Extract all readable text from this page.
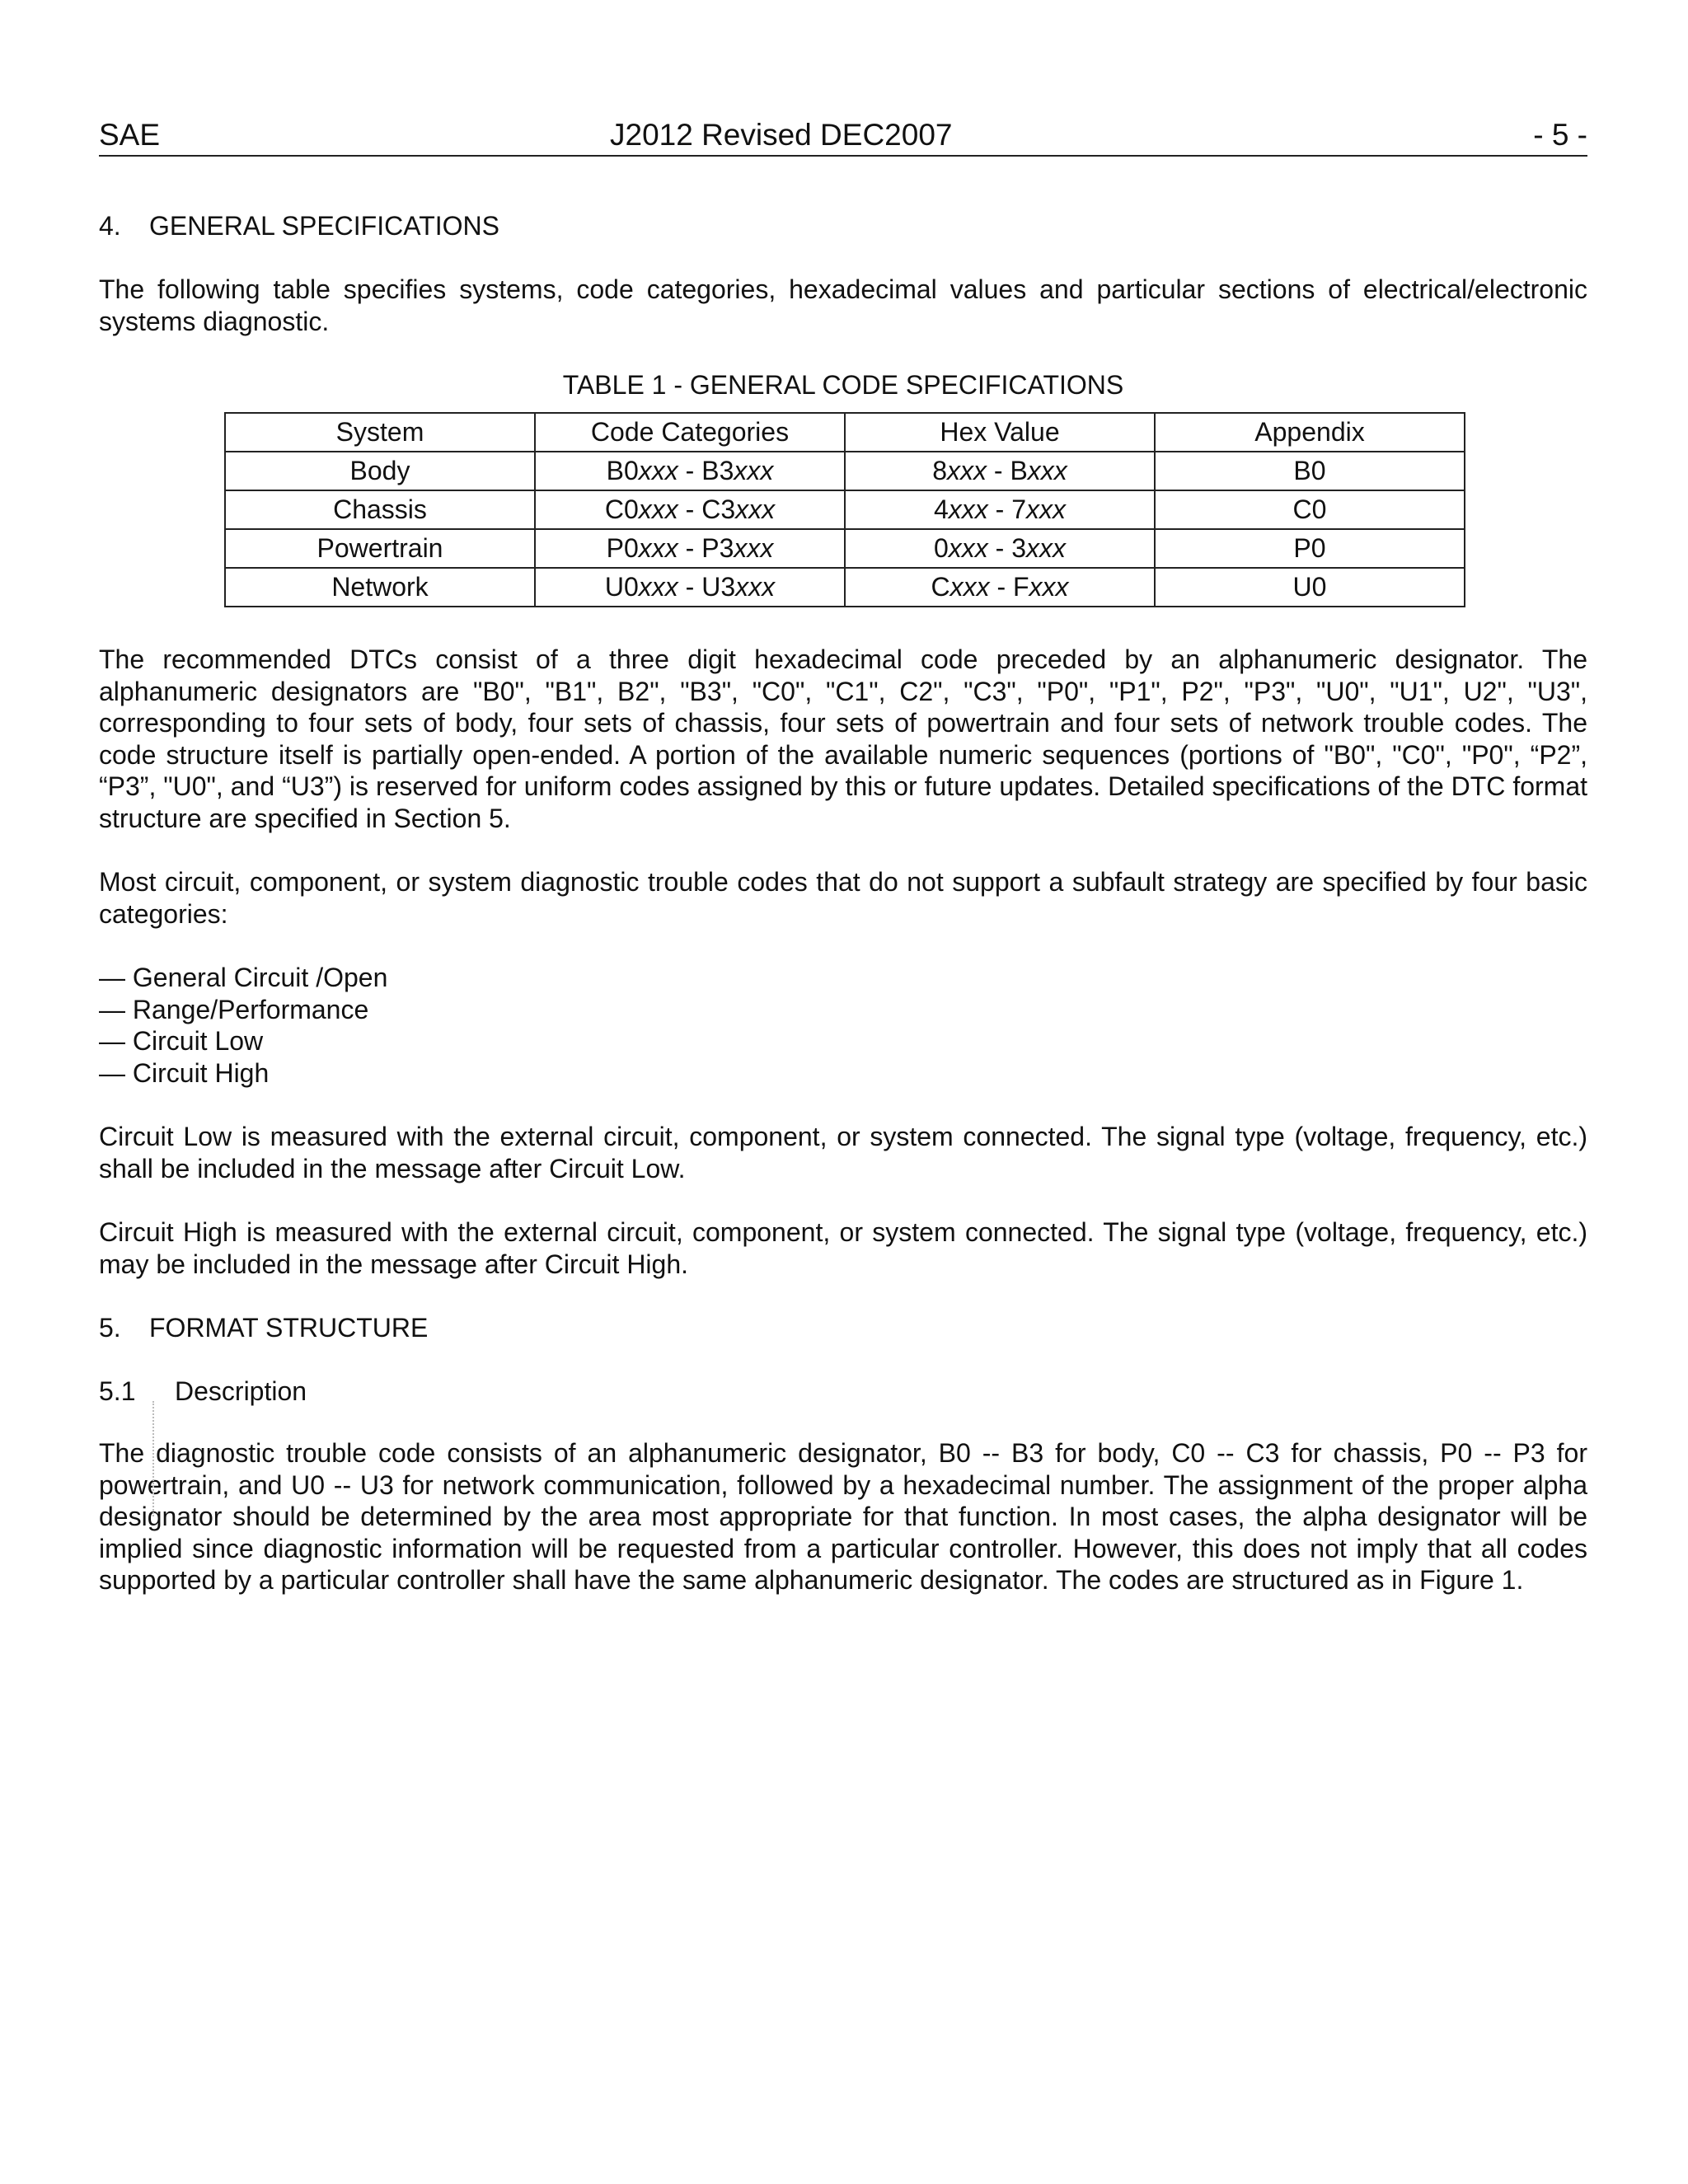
SAE	J2012 Revised DEC2007	- 5 -
4. GENERAL SPECIFICATIONS

The following table specifies systems, code categories, hexadecimal values and particular sections of electrical/electronic systems diagnostic.

TABLE 1 - GENERAL CODE SPECIFICATIONS
System	Code Categories	Hex Value	Appendix
Body	B0xxx - B3xxx	8xxx - Bxxx	B0
Chassis	C0xxx - C3xxx	4xxx - 7xxx	C0
Powertrain	P0xxx - P3xxx	0xxx - 3xxx	P0
Network	U0xxx - U3xxx	Cxxx - Fxxx	U0

The recommended DTCs consist of a three digit hexadecimal code preceded by an alphanumeric designator. The alphanumeric designators are "B0", "B1", B2", "B3", "C0", "C1", C2", "C3", "P0", "P1", P2", "P3", "U0", "U1", U2", "U3", corresponding to four sets of body, four sets of chassis, four sets of powertrain and four sets of network trouble codes. The code structure itself is partially open-ended. A portion of the available numeric sequences (portions of "B0", "C0", "P0", “P2”, “P3”, "U0", and “U3”) is reserved for uniform codes assigned by this or future updates. Detailed specifications of the DTC format structure are specified in Section 5.

Most circuit, component, or system diagnostic trouble codes that do not support a subfault strategy are specified by four basic categories:

— General Circuit /Open
— Range/Performance
— Circuit Low
— Circuit High

Circuit Low is measured with the external circuit, component, or system connected. The signal type (voltage, frequency, etc.) shall be included in the message after Circuit Low.

Circuit High is measured with the external circuit, component, or system connected. The signal type (voltage, frequency, etc.) may be included in the message after Circuit High.

5. FORMAT STRUCTURE
5.1 Description

The diagnostic trouble code consists of an alphanumeric designator, B0 -- B3 for body, C0 -- C3 for chassis, P0 -- P3 for powertrain, and U0 -- U3 for network communication, followed by a hexadecimal number. The assignment of the proper alpha designator should be determined by the area most appropriate for that function. In most cases, the alpha designator will be implied since diagnostic information will be requested from a particular controller. However, this does not imply that all codes supported by a particular controller shall have the same alphanumeric designator. The codes are structured as in Figure 1.
